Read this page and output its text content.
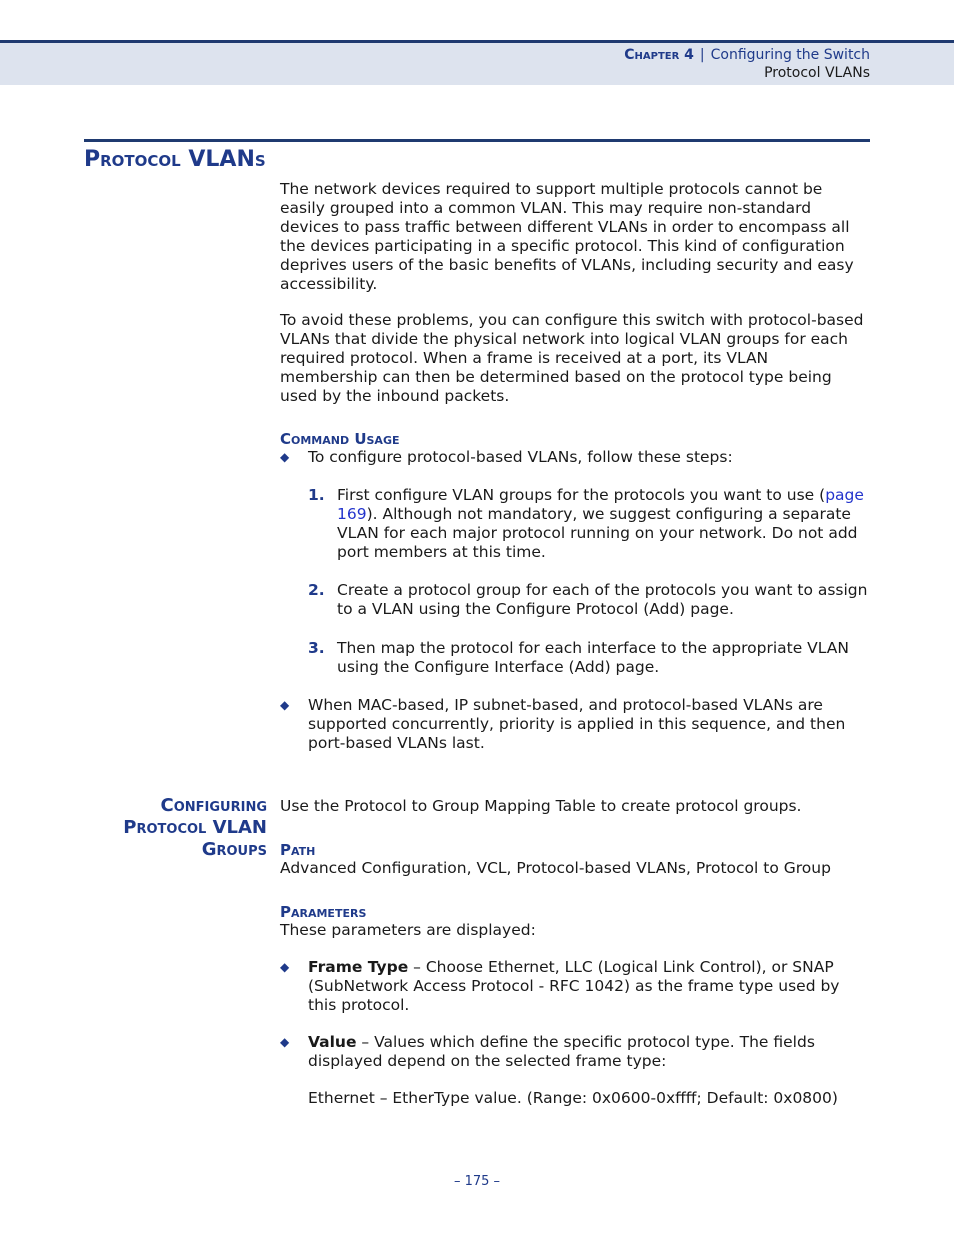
Chapter 4 | Configuring the Switch
Protocol VLANs
Protocol VLANs

The network devices required to support multiple protocols cannot be easily grouped into a common VLAN. This may require non-standard devices to pass traffic between different VLANs in order to encompass all the devices participating in a specific protocol. This kind of configuration deprives users of the basic benefits of VLANs, including security and easy accessibility.

To avoid these problems, you can configure this switch with protocol-based VLANs that divide the physical network into logical VLAN groups for each required protocol. When a frame is received at a port, its VLAN membership can then be determined based on the protocol type being used by the inbound packets.

Command Usage
◆ To configure protocol-based VLANs, follow these steps:
1. First configure VLAN groups for the protocols you want to use (page 169). Although not mandatory, we suggest configuring a separate VLAN for each major protocol running on your network. Do not add port members at this time.
2. Create a protocol group for each of the protocols you want to assign to a VLAN using the Configure Protocol (Add) page.
3. Then map the protocol for each interface to the appropriate VLAN using the Configure Interface (Add) page.
◆ When MAC-based, IP subnet-based, and protocol-based VLANs are supported concurrently, priority is applied in this sequence, and then port-based VLANs last.
Configuring
Protocol VLAN
Groups
Use the Protocol to Group Mapping Table to create protocol groups.
Path
Advanced Configuration, VCL, Protocol-based VLANs, Protocol to Group
Parameters
These parameters are displayed:
◆ Frame Type – Choose Ethernet, LLC (Logical Link Control), or SNAP (SubNetwork Access Protocol - RFC 1042) as the frame type used by this protocol.
◆ Value – Values which define the specific protocol type. The fields displayed depend on the selected frame type:
Ethernet – EtherType value. (Range: 0x0600-0xffff; Default: 0x0800)
– 175 –
